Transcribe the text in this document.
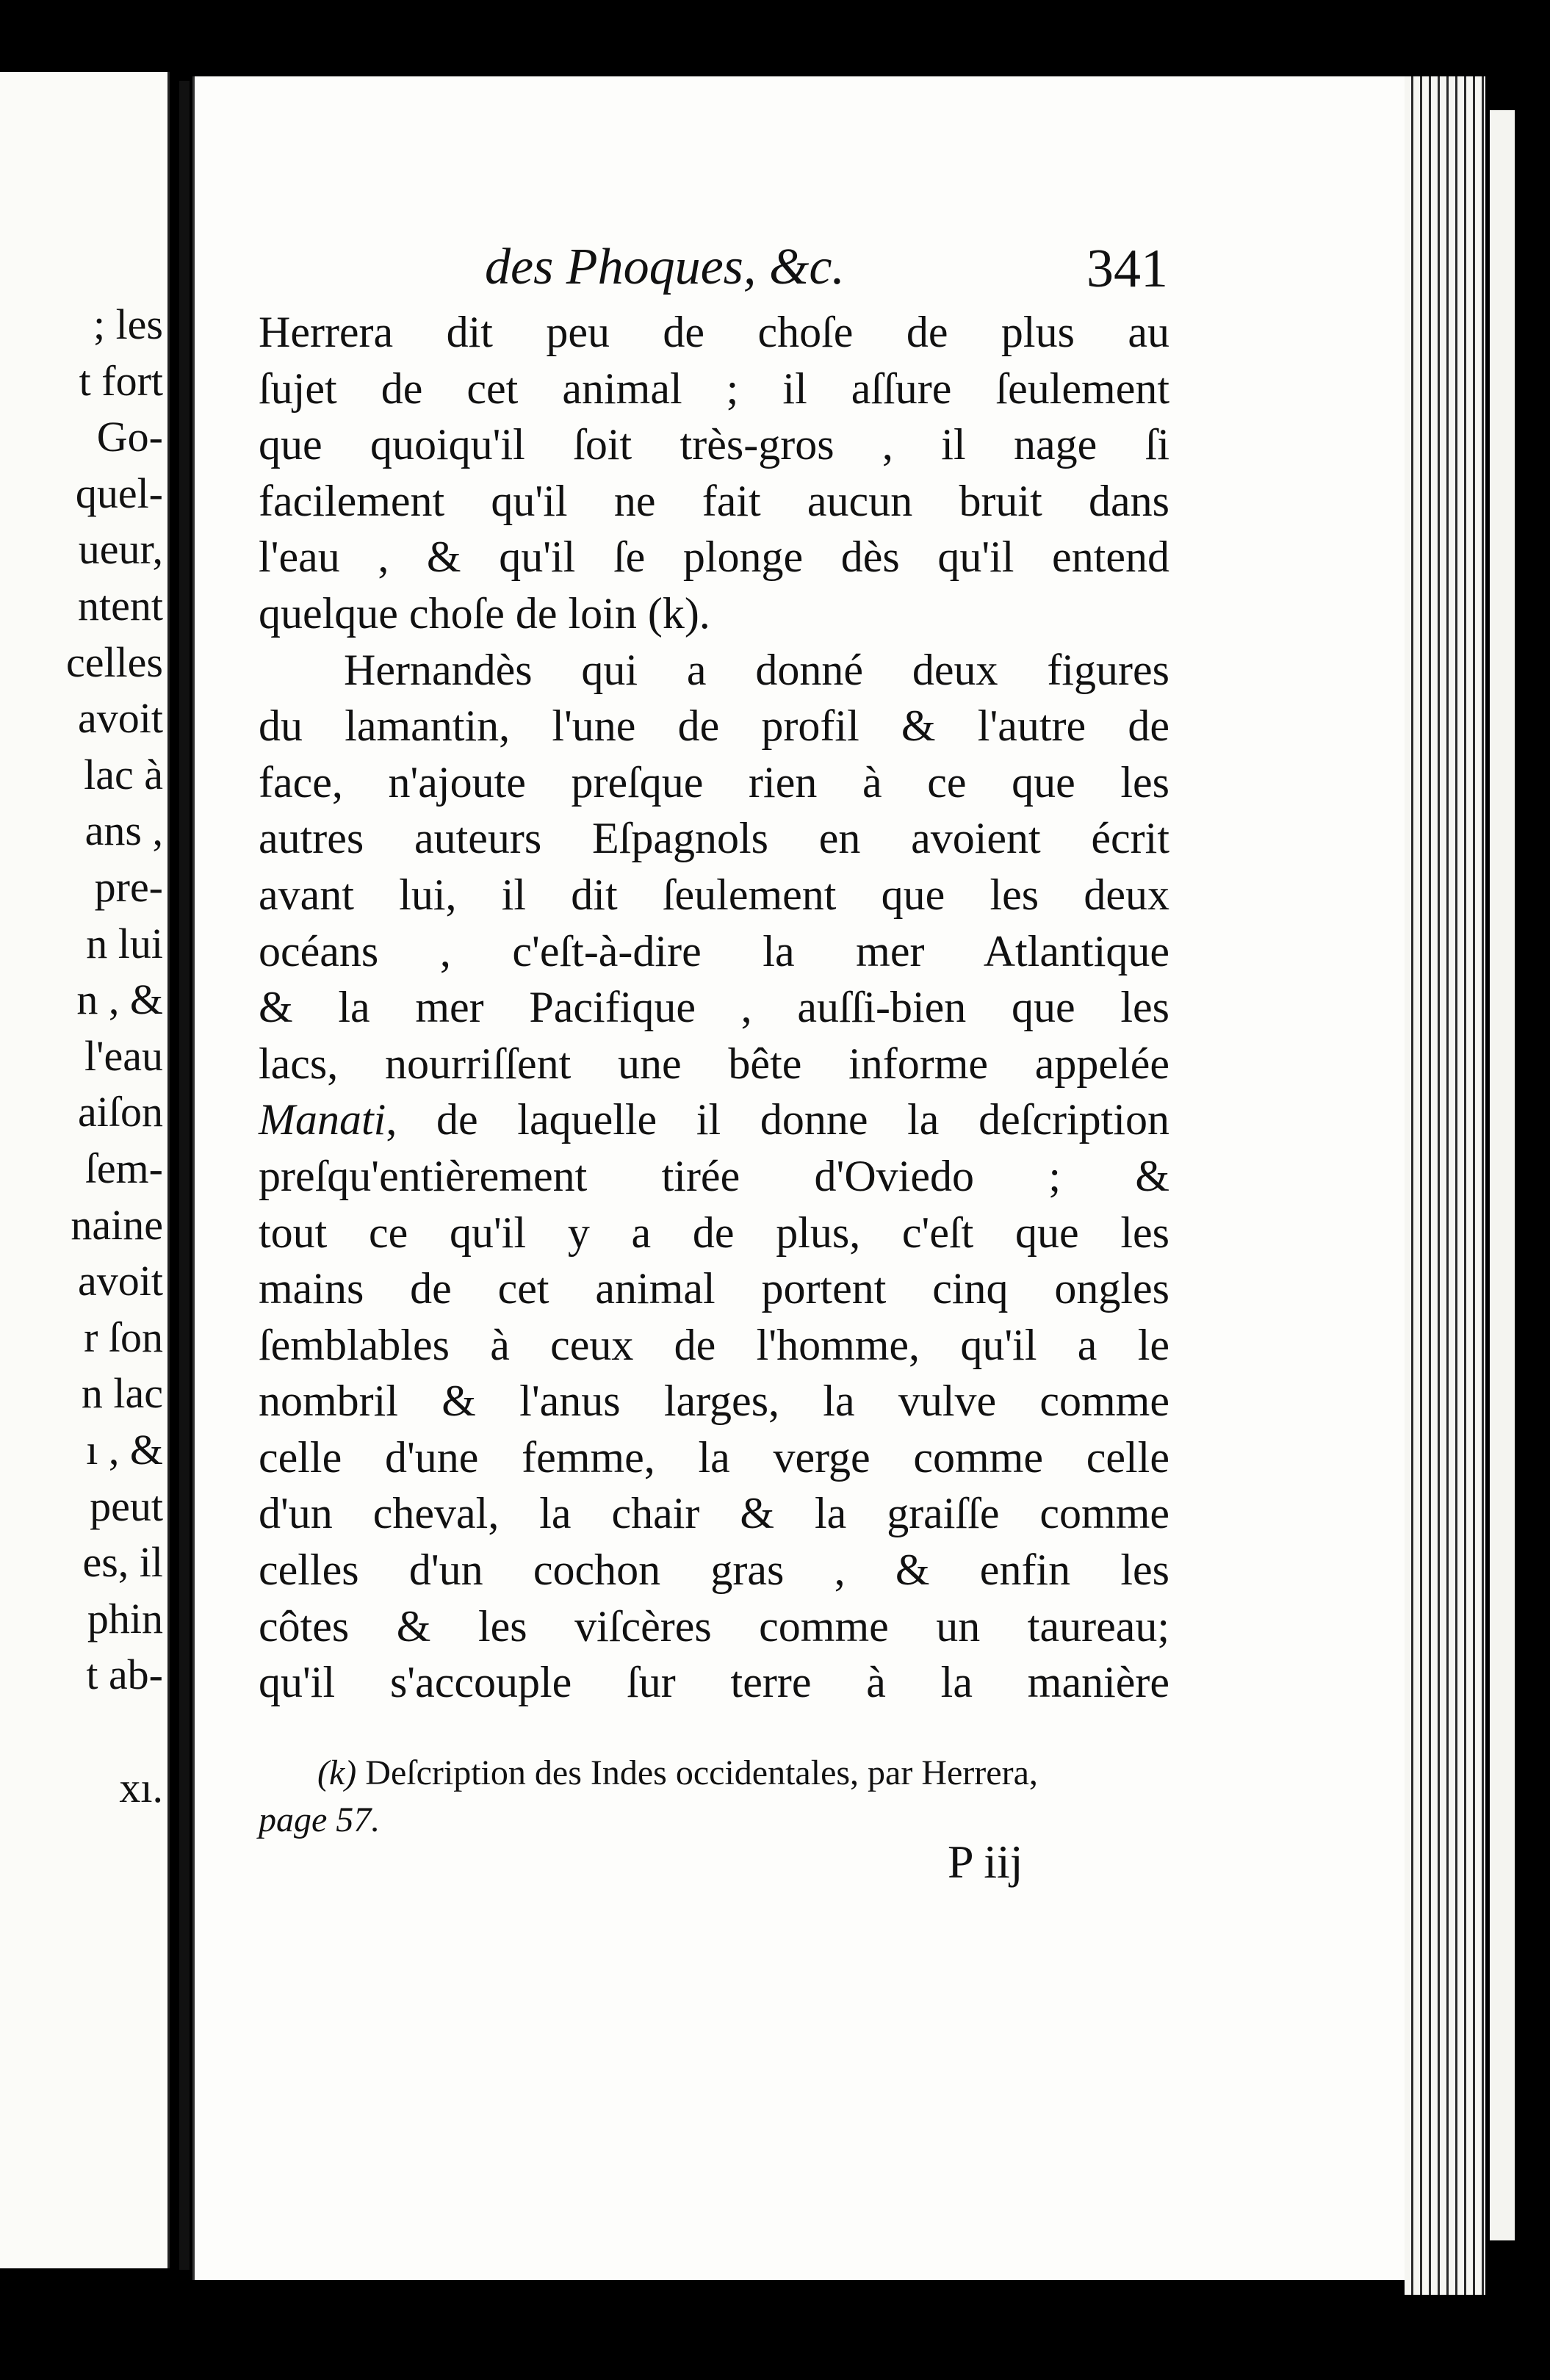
; les
t fort
Go-
quel-
ueur,
ntent
celles
avoit
lac à
ans ,
pre-
n lui
n , &
l'eau
aiſon
ſem-
naine
avoit
r ſon
n lac
ı , &
peut
es, il
phin
t ab-
xı.
des Phoques, &c.	341
Herrera dit peu de choſe de plus au
ſujet de cet animal ; il aſſure ſeulement
que quoiqu'il ſoit très-gros , il nage ſi
facilement qu'il ne fait aucun bruit dans
l'eau , & qu'il ſe plonge dès qu'il entend
quelque choſe de loin (k).
Hernandès qui a donné deux figures
du lamantin, l'une de profil & l'autre de
face, n'ajoute preſque rien à ce que les
autres auteurs Eſpagnols en avoient écrit
avant lui, il dit ſeulement que les deux
océans , c'eſt-à-dire la mer Atlantique
& la mer Pacifique , auſſi-bien que les
lacs, nourriſſent une bête informe appelée
Manati, de laquelle il donne la deſcription
preſqu'entièrement tirée d'Oviedo ; &
tout ce qu'il y a de plus, c'eſt que les
mains de cet animal portent cinq ongles
ſemblables à ceux de l'homme, qu'il a le
nombril & l'anus larges, la vulve comme
celle d'une femme, la verge comme celle
d'un cheval, la chair & la graiſſe comme
celles d'un cochon gras , & enfin les
côtes & les viſcères comme un taureau;
qu'il s'accouple ſur terre à la manière
(k) Deſcription des Indes occidentales, par Herrera,
page 57.
P iij
